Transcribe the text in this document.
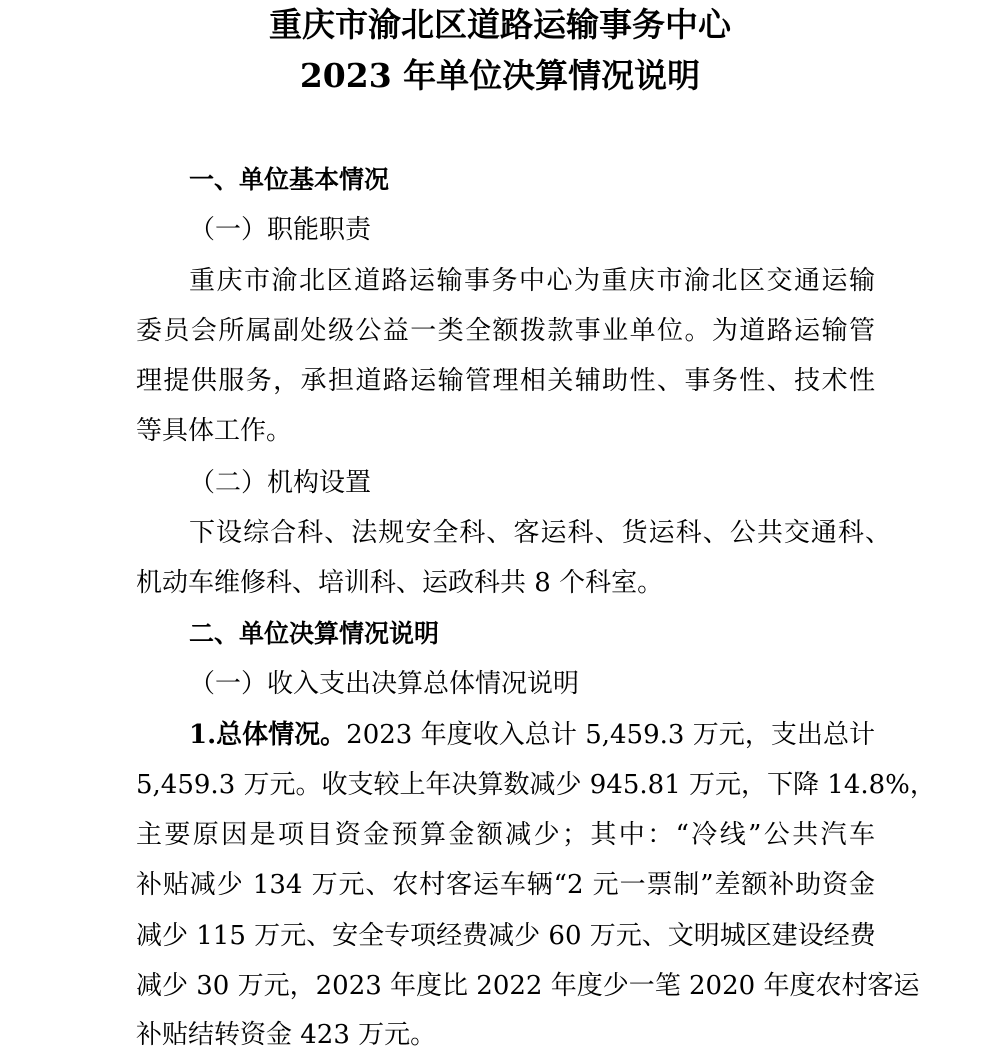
重庆市渝北区道路运输事务中心
2023 年单位决算情况说明
一、单位基本情况
（一）职能职责
重庆市渝北区道路运输事务中心为重庆市渝北区交通运输
委员会所属副处级公益一类全额拨款事业单位。为道路运输管
理提供服务，承担道路运输管理相关辅助性、事务性、技术性
等具体工作。
（二）机构设置
下设综合科、法规安全科、客运科、货运科、公共交通科、
机动车维修科、培训科、运政科共 8 个科室。
二、单位决算情况说明
（一）收入支出决算总体情况说明
1.总体情况。 2023 年度收入总计 5,459.3 万元，支出总计
5,459.3 万元。收支较上年决算数减少 945.81 万元，下降 14.8%，
主要原因是项目资金预算金额减少；其中：“冷线”公共汽车
补贴减少 134 万元、农村客运车辆“2 元一票制”差额补助资金
减少 115 万元、安全专项经费减少 60 万元、文明城区建设经费
减少 30 万元，2023 年度比 2022 年度少一笔 2020 年度农村客运
补贴结转资金 423 万元。
